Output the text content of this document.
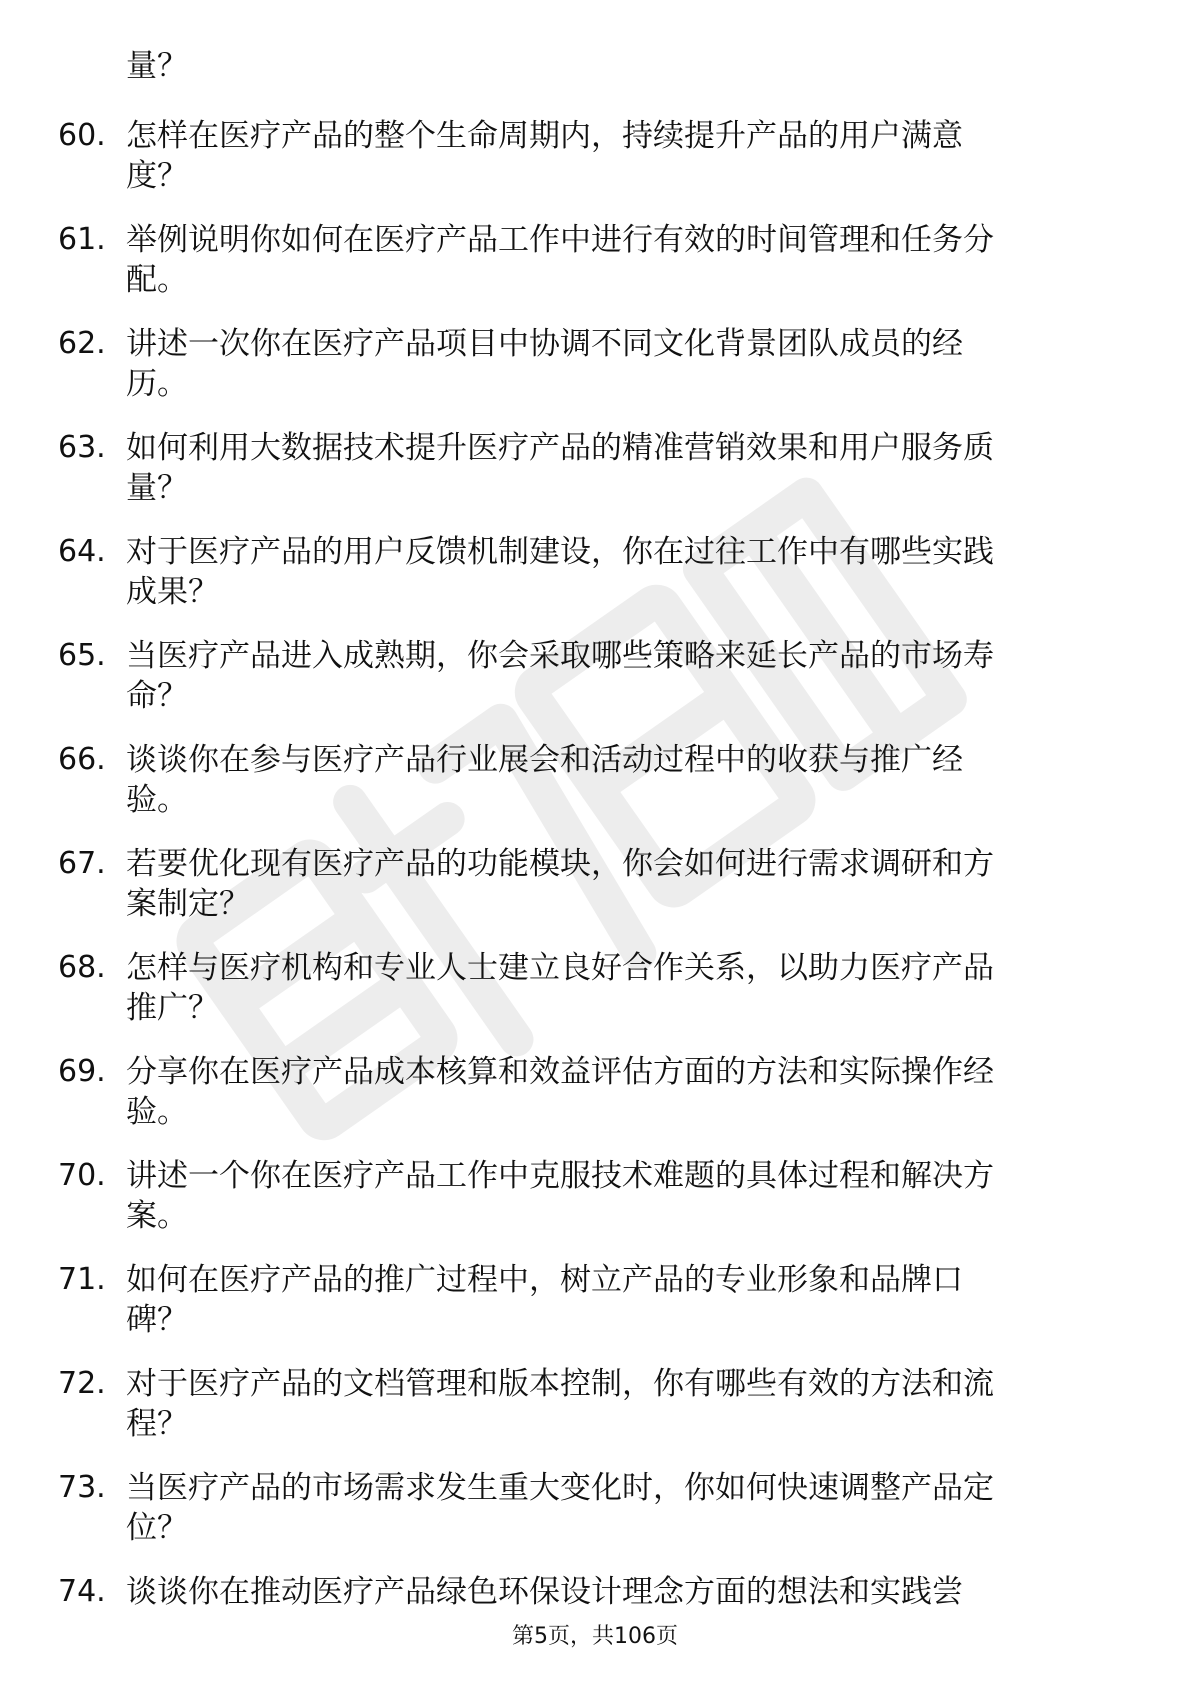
量？
60. 怎样在医疗产品的整个生命周期内，持续提升产品的用户满意
度？
61. 举例说明你如何在医疗产品工作中进行有效的时间管理和任务分
配。
62. 讲述一次你在医疗产品项目中协调不同文化背景团队成员的经
历。
63. 如何利用大数据技术提升医疗产品的精准营销效果和用户服务质
量？
64. 对于医疗产品的用户反馈机制建设，你在过往工作中有哪些实践
成果？
65. 当医疗产品进入成熟期，你会采取哪些策略来延长产品的市场寿
命？
66. 谈谈你在参与医疗产品行业展会和活动过程中的收获与推广经
验。
67. 若要优化现有医疗产品的功能模块，你会如何进行需求调研和方
案制定？
68. 怎样与医疗机构和专业人士建立良好合作关系，以助力医疗产品
推广？
69. 分享你在医疗产品成本核算和效益评估方面的方法和实际操作经
验。
70. 讲述一个你在医疗产品工作中克服技术难题的具体过程和解决方
案。
71. 如何在医疗产品的推广过程中，树立产品的专业形象和品牌口
碑？
72. 对于医疗产品的文档管理和版本控制，你有哪些有效的方法和流
程？
73. 当医疗产品的市场需求发生重大变化时，你如何快速调整产品定
位？
74. 谈谈你在推动医疗产品绿色环保设计理念方面的想法和实践尝
第5页，共106页
